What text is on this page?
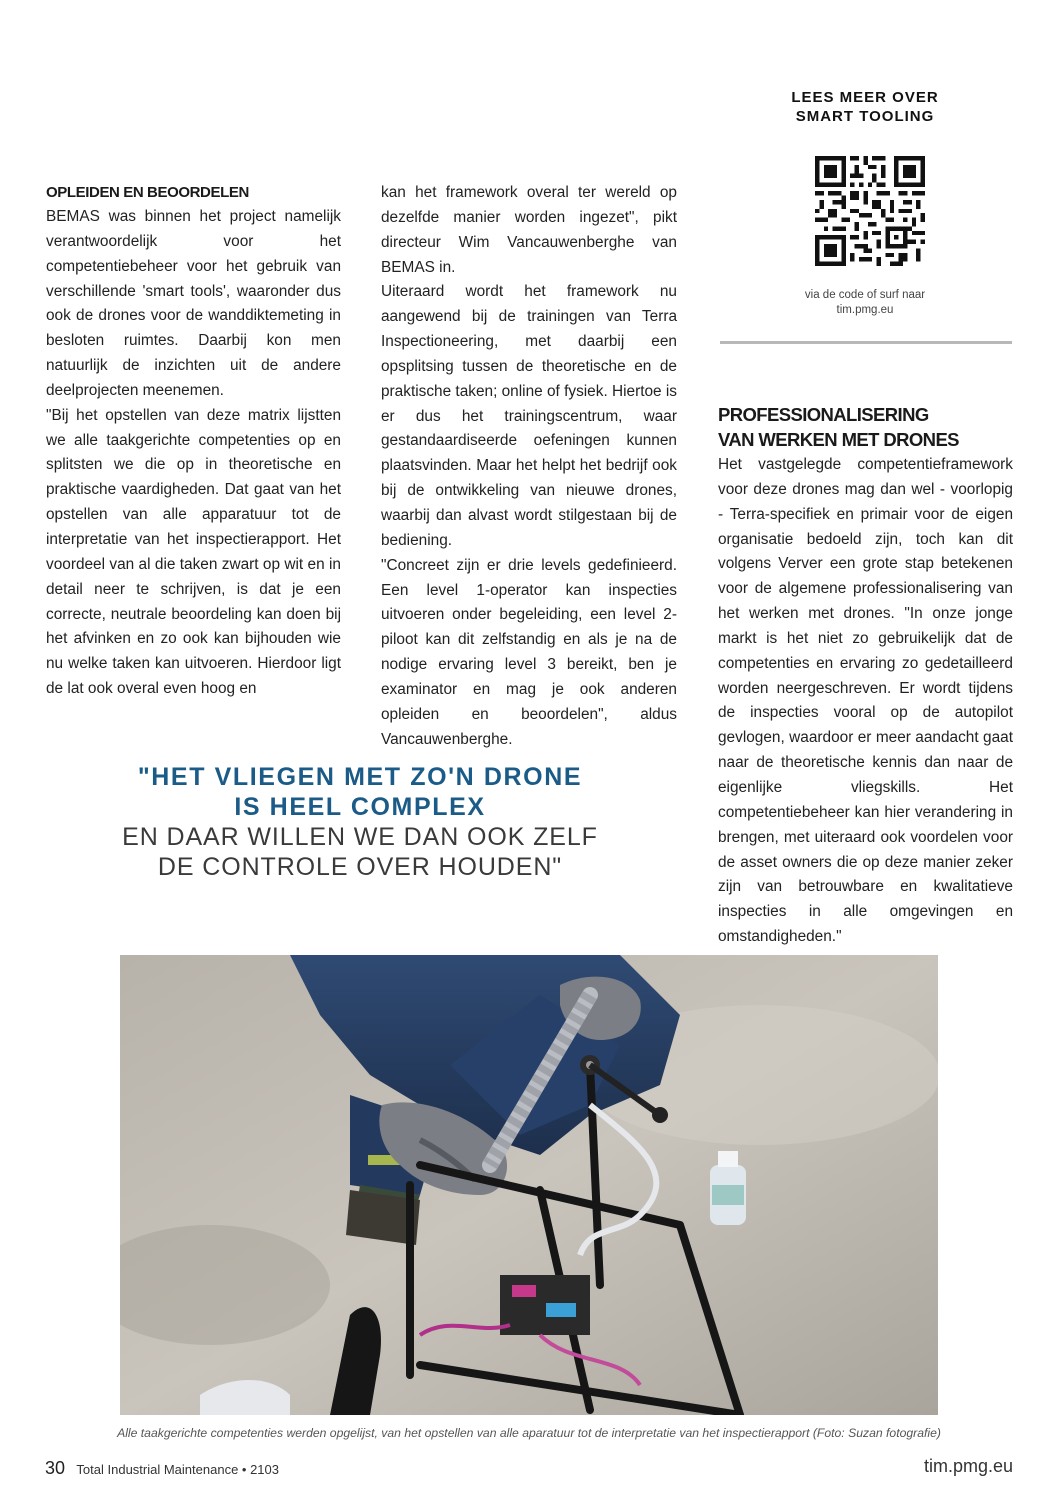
LEES MEER OVER
SMART TOOLING
via de code of surf naar
tim.pmg.eu
OPLEIDEN EN BEOORDELEN

BEMAS was binnen het project namelijk verantwoordelijk voor het competentiebeheer voor het gebruik van verschillende 'smart tools', waaronder dus ook de drones voor de wanddiktemeting in besloten ruimtes. Daarbij kon men natuurlijk de inzichten uit de andere deelprojecten meenemen.

"Bij het opstellen van deze matrix lijstten we alle taakgerichte competenties op en splitsten we die op in theoretische en praktische vaardigheden. Dat gaat van het opstellen van alle apparatuur tot de interpretatie van het inspectierapport. Het voordeel van al die taken zwart op wit en in detail neer te schrijven, is dat je een correcte, neutrale beoordeling kan doen bij het afvinken en zo ook kan bijhouden wie nu welke taken kan uitvoeren. Hierdoor ligt de lat ook overal even hoog en

kan het framework overal ter wereld op dezelfde manier worden ingezet", pikt directeur Wim Vancauwenberghe van BEMAS in.

Uiteraard wordt het framework nu aangewend bij de trainingen van Terra Inspectioneering, met daarbij een opsplitsing tussen de theoretische en de praktische taken; online of fysiek. Hiertoe is er dus het trainingscentrum, waar gestandaardiseerde oefeningen kunnen plaatsvinden. Maar het helpt het bedrijf ook bij de ontwikkeling van nieuwe drones, waarbij dan alvast wordt stilgestaan bij de bediening.

"Concreet zijn er drie levels gedefinieerd. Een level 1-operator kan inspecties uitvoeren onder begeleiding, een level 2-piloot kan dit zelfstandig en als je na de nodige ervaring level 3 bereikt, ben je examinator en mag je ook anderen opleiden en beoordelen", aldus Vancauwenberghe.

PROFESSIONALISERING
VAN WERKEN MET DRONES

Het vastgelegde competentieframework voor deze drones mag dan wel - voorlopig - Terra-specifiek en primair voor de eigen organisatie bedoeld zijn, toch kan dit volgens Verver een grote stap betekenen voor de algemene professionalisering van het werken met drones. "In onze jonge markt is het niet zo gebruikelijk dat de competenties en ervaring zo gedetailleerd worden neergeschreven. Er wordt tijdens de inspecties vooral op de autopilot gevlogen, waardoor er meer aandacht gaat naar de theoretische kennis dan naar de eigenlijke vliegskills. Het competentiebeheer kan hier verandering in brengen, met uiteraard ook voordelen voor de asset owners die op deze manier zeker zijn van betrouwbare en kwalitatieve inspecties in alle omgevingen en omstandigheden."

"HET VLIEGEN MET ZO'N DRONE
IS HEEL COMPLEX
EN DAAR WILLEN WE DAN OOK ZELF
DE CONTROLE OVER HOUDEN"
Alle taakgerichte competenties werden opgelijst, van het opstellen van alle aparatuur tot de interpretatie van het inspectierapport (Foto: Suzan fotografie)
30 Total Industrial Maintenance • 2103	tim.pmg.eu
